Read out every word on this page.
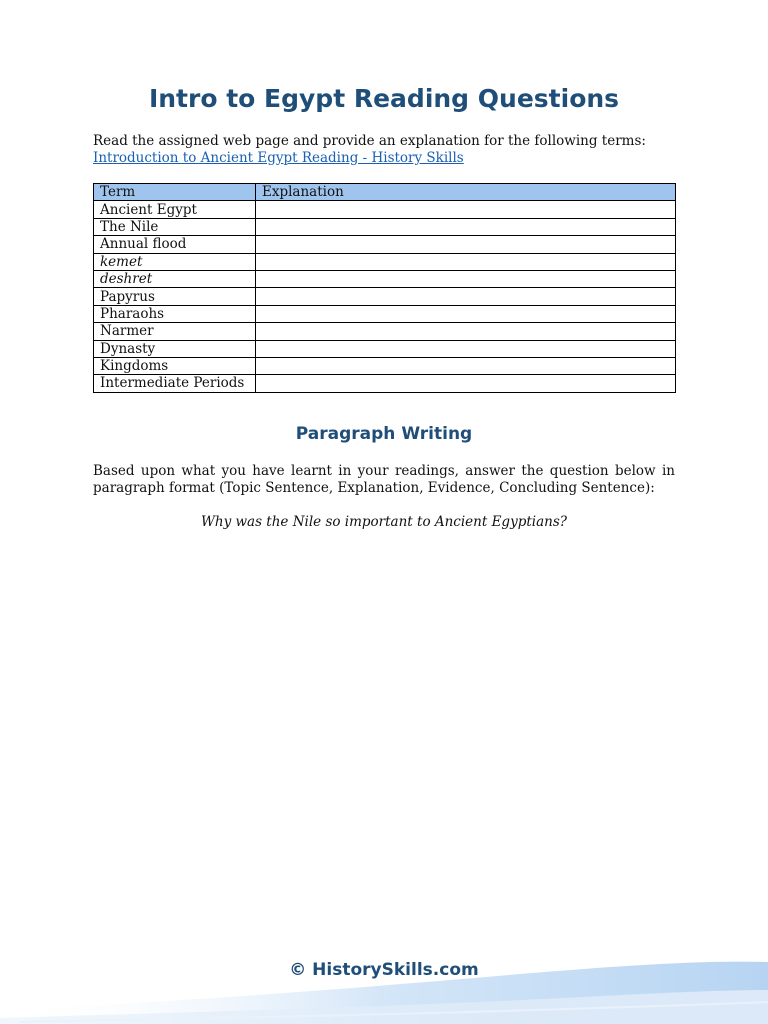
Intro to Egypt Reading Questions
Read the assigned web page and provide an explanation for the following terms:
Introduction to Ancient Egypt Reading - History Skills
Term	Explanation
Ancient Egypt	
The Nile	
Annual flood	
kemet	
deshret	
Papyrus	
Pharaohs	
Narmer	
Dynasty	
Kingdoms	
Intermediate Periods	
Paragraph Writing

Based upon what you have learnt in your readings, answer the question below in paragraph format (Topic Sentence, Explanation, Evidence, Concluding Sentence):

Why was the Nile so important to Ancient Egyptians?

© HistorySkills.com
